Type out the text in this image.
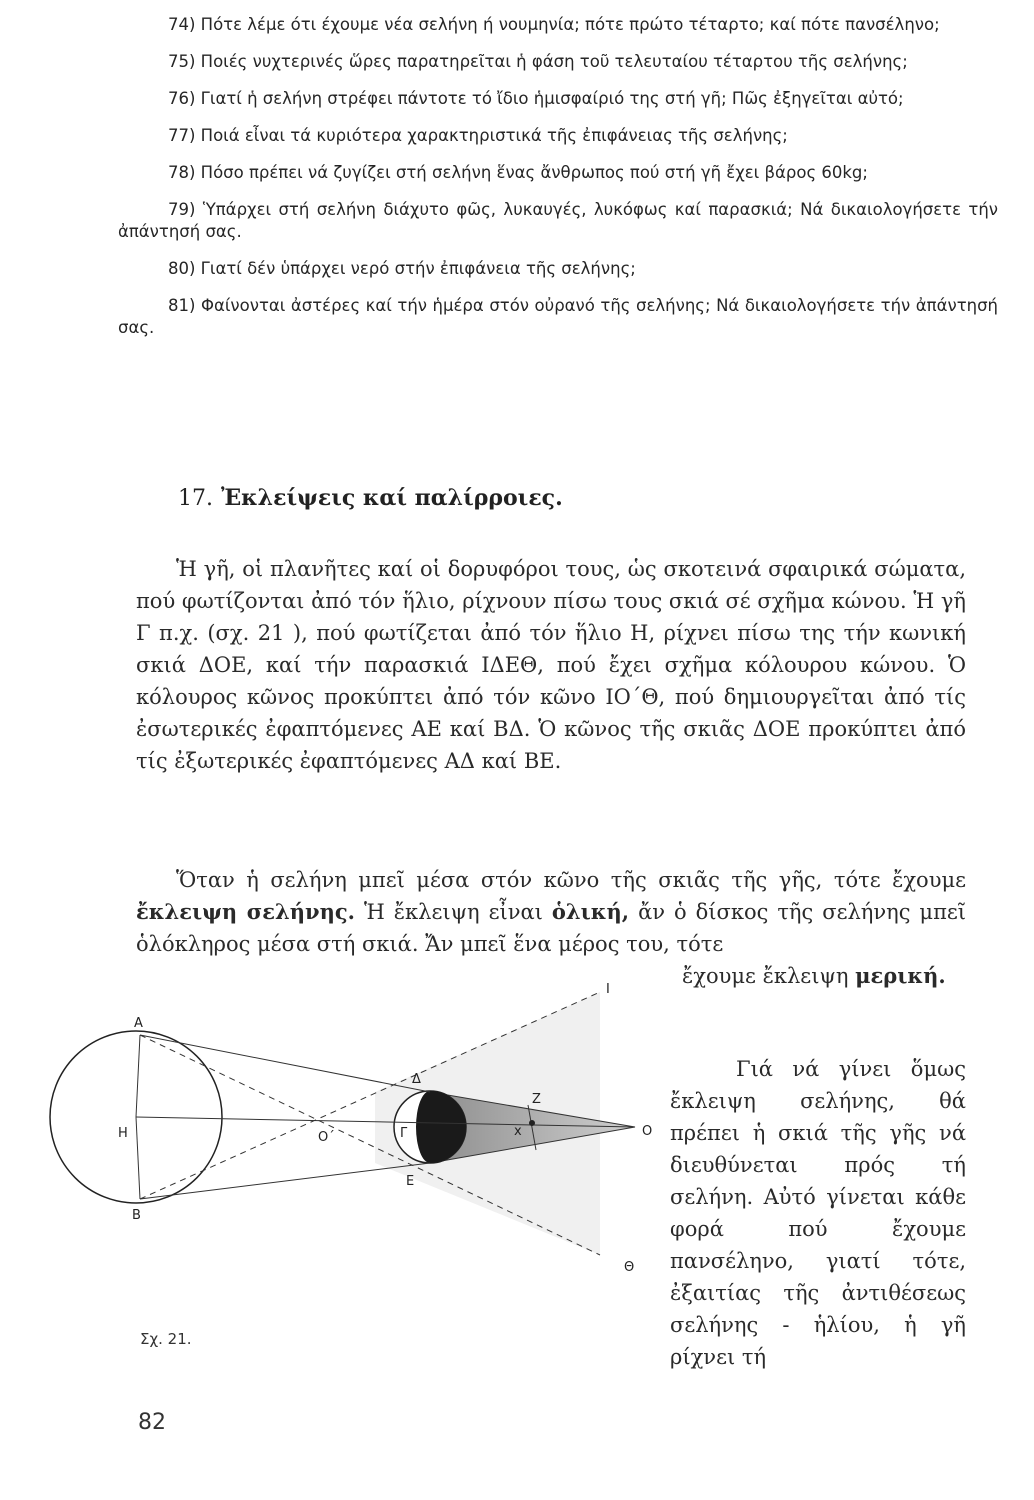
74) Πότε λέμε ότι έχουμε νέα σελήνη ή νουμηνία; πότε πρώτο τέταρτο; καί πότε πανσέληνο;

75) Ποιές νυχτερινές ὥρες παρατηρεῖται ἡ φάση τοῦ τελευταίου τέταρτου τῆς σελήνης;

76) Γιατί ἡ σελήνη στρέφει πάντοτε τό ἴδιο ἡμισφαίριό της στή γῆ; Πῶς ἐξηγεῖται αὐτό;

77) Ποιά εἶναι τά κυριότερα χαρακτηριστικά τῆς ἐπιφάνειας τῆς σελήνης;

78) Πόσο πρέπει νά ζυγίζει στή σελήνη ἕνας ἄνθρωπος πού στή γῆ ἔχει βάρος 60kg;

79) Ὑπάρχει στή σελήνη διάχυτο φῶς, λυκαυγές, λυκόφως καί παρασκιά; Νά δικαιολογήσετε τήν ἀπάντησή σας.

80) Γιατί δέν ὑπάρχει νερό στήν ἐπιφάνεια τῆς σελήνης;

81) Φαίνονται ἀστέρες καί τήν ἡμέρα στόν οὐρανό τῆς σελήνης; Νά δικαιολογήσετε τήν ἀπάντησή σας.

17. Ἐκλείψεις καί παλίρροιες.

Ἡ γῆ, οἱ πλανῆτες καί οἱ δορυφόροι τους, ὡς σκοτεινά σφαιρικά σώματα, πού φωτίζονται ἀπό τόν ἥλιο, ρίχνουν πίσω τους σκιά σέ σχῆμα κώνου. Ἡ γῆ Γ π.χ. (σχ. 21 ), πού φωτίζεται ἀπό τόν ἥλιο Η, ρίχνει πίσω της τήν κωνική σκιά ΔΟΕ, καί τήν παρασκιά ΙΔΕΘ, πού ἔχει σχῆμα κόλουρου κώνου. Ὁ κόλουρος κῶνος προκύπτει ἀπό τόν κῶνο ΙΟ΄Θ, πού δημιουργεῖται ἀπό τίς ἐσωτερικές ἐφαπτόμενες ΑΕ καί ΒΔ. Ὁ κῶνος τῆς σκιᾶς ΔΟΕ προκύπτει ἀπό τίς ἐξωτερικές ἐφαπτόμενες ΑΔ καί ΒΕ.

Ὅταν ἡ σελήνη μπεῖ μέσα στόν κῶνο τῆς σκιᾶς τῆς γῆς, τότε ἔχουμε ἔκλειψη σελήνης. Ἡ ἔκλειψη εἶναι ὁλική, ἄν ὁ δίσκος τῆς σελήνης μπεῖ ὁλόκληρος μέσα στή σκιά. Ἄν μπεῖ ἕνα μέρος του, τότε
ἔχουμε ἔκλειψη μερική.

Γιά νά γίνει ὅμως ἔκλειψη σελήνης, θά πρέπει ἡ σκιά τῆς γῆς νά διευθύνεται πρός τή σελήνη. Αὐτό γίνεται κάθε φορά πού ἔχουμε πανσέληνο, γιατί τότε, ἐξαιτίας τῆς ἀντιθέσεως σελήνης - ἡλίου, ἡ γῆ ρίχνει τή

Α
Β
Η	O΄	Γ
Δ
Ε
Z
x	O
Ι
Θ
Σχ. 21.
82
